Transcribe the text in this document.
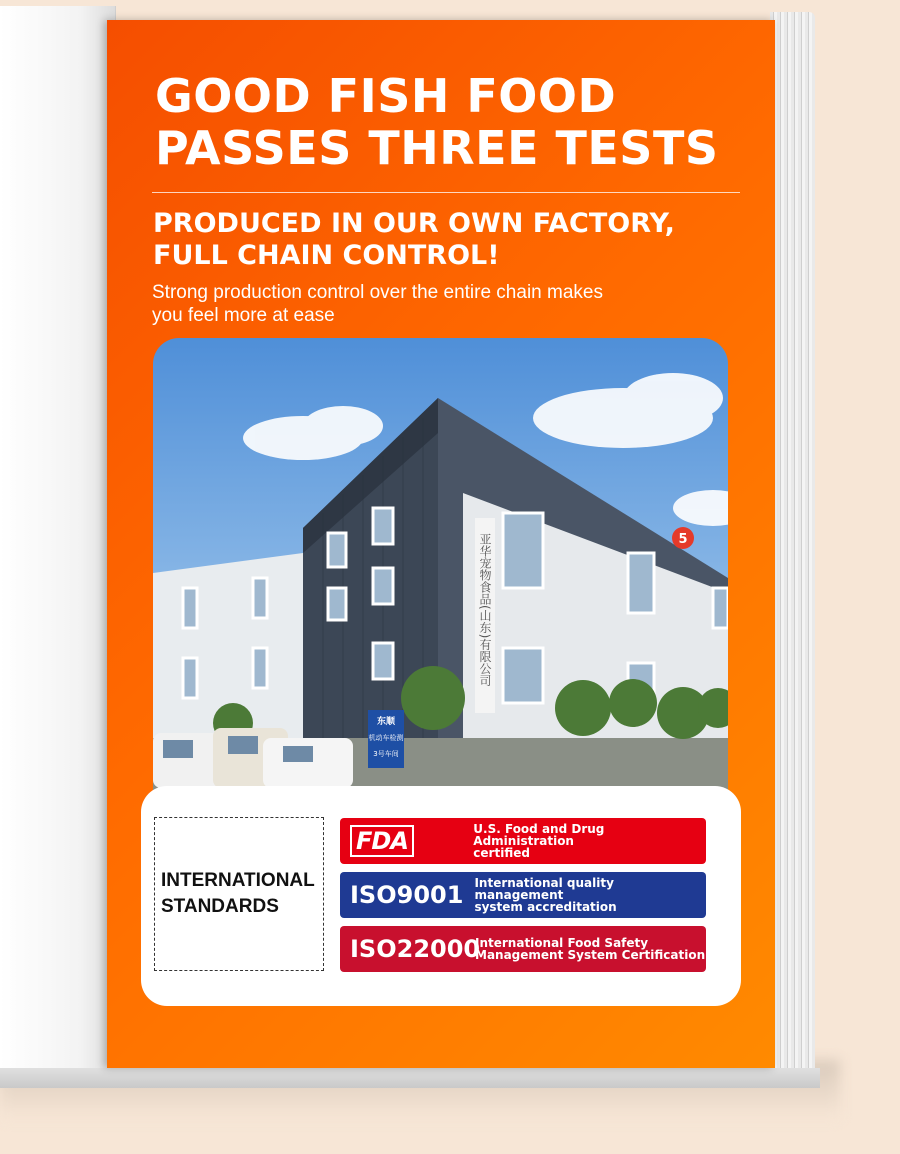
GOOD FISH FOOD
PASSES THREE TESTS
PRODUCED IN OUR OWN FACTORY,
FULL CHAIN CONTROL!

Strong production control over the entire chain makes
you feel more at ease

亚华宠物食品(山东)有限公司	5
东顺
机动车检测
3号车间
INTERNATIONAL
STANDARDS
FDA	U.S. Food and Drug Administration
certified
ISO9001 International quality management
system accreditation
ISO22000
International Food Safety
Management System Certification
